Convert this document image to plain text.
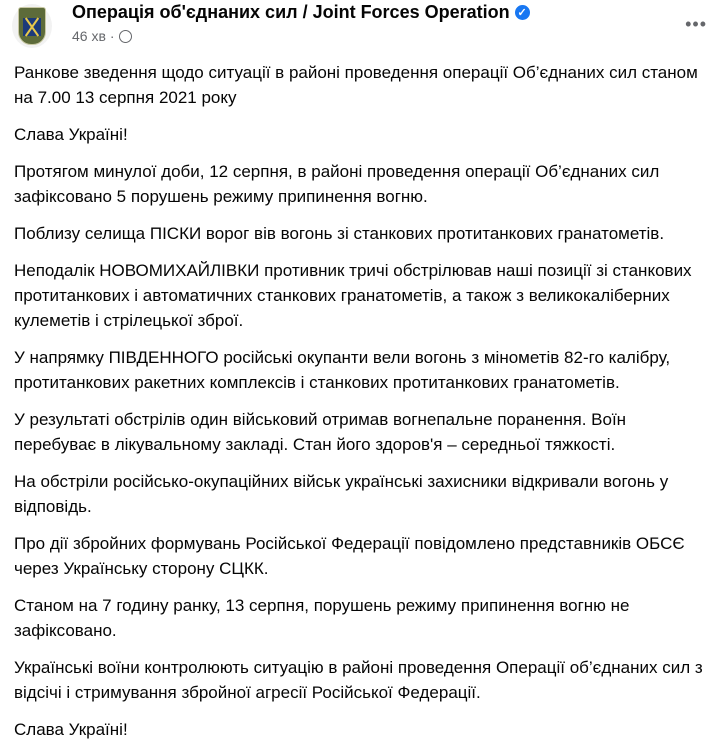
Операція об'єднаних сил / Joint Forces Operation ✓
46 хв ·
•••

Ранкове зведення щодо ситуації в районі проведення операції Об’єднаних сил станом на 7.00 13 серпня 2021 року

Слава Україні!

Протягом минулої доби, 12 серпня, в районі проведення операції Об’єднаних сил зафіксовано 5 порушень режиму припинення вогню.

Поблизу селища ПІСКИ ворог вів вогонь зі станкових протитанкових гранатометів.

Неподалік НОВОМИХАЙЛІВКИ противник тричі обстрілював наші позиції зі станкових протитанкових і автоматичних станкових гранатометів, а також з великокаліберних кулеметів і стрілецької зброї.

У напрямку ПІВДЕННОГО російські окупанти вели вогонь з мінометів 82-го калібру, протитанкових ракетних комплексів і станкових протитанкових гранатометів.

У результаті обстрілів один військовий отримав вогнепальне поранення. Воїн перебуває в лікувальному закладі. Стан його здоров'я – середньої тяжкості.

На обстріли російсько-окупаційних військ українські захисники відкривали вогонь у відповідь.

Про дії збройних формувань Російської Федерації повідомлено представників ОБСЄ через Українську сторону СЦКК.

Станом на 7 годину ранку, 13 серпня, порушень режиму припинення вогню не зафіксовано.

Українські воїни контролюють ситуацію в районі проведення Операції об’єднаних сил з відсічі і стримування збройної агресії Російської Федерації.

Слава Україні!
